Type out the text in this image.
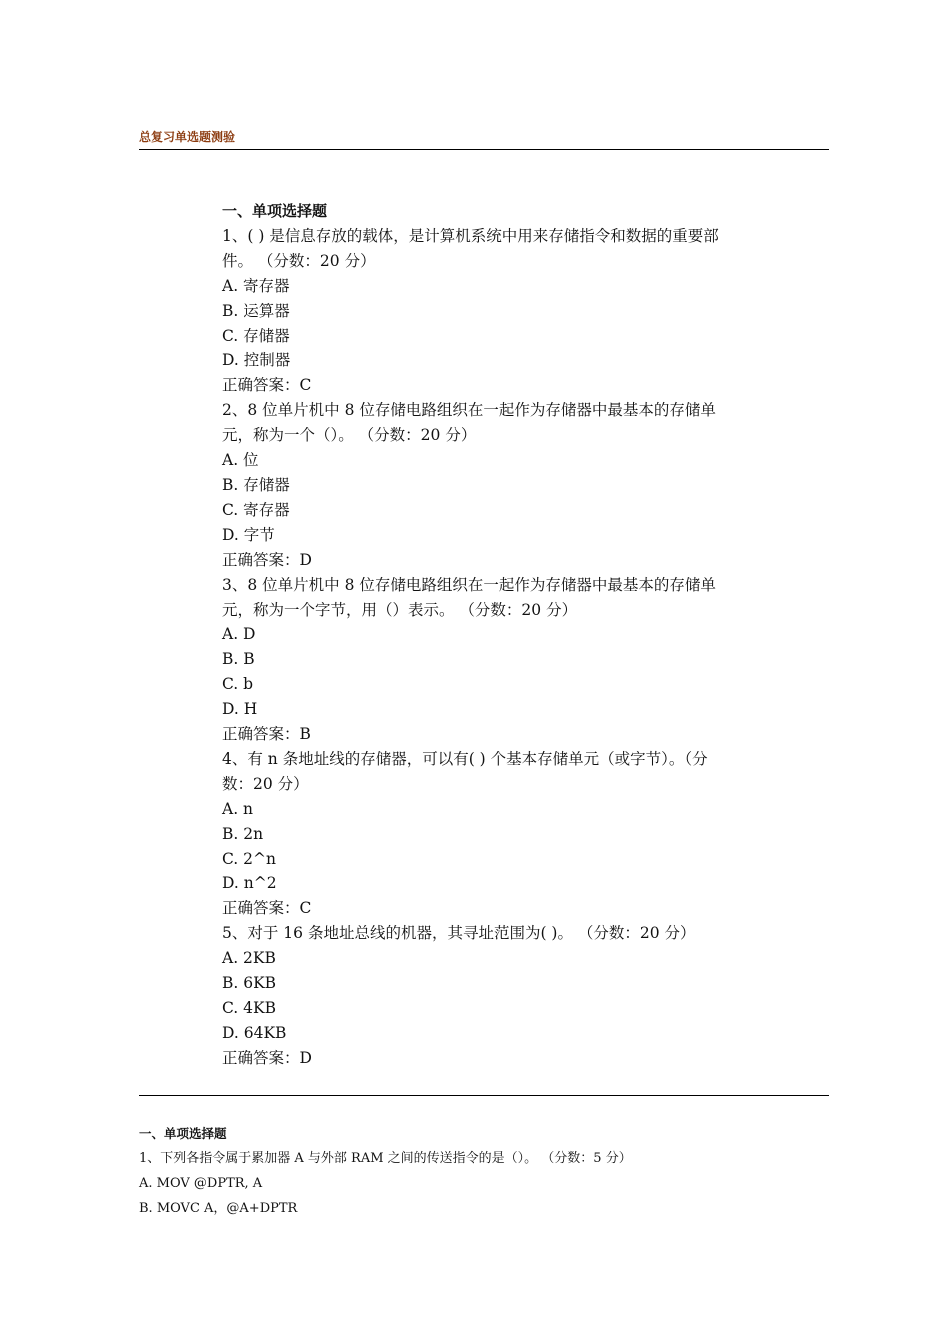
总复习单选题测验
一、单项选择题
1、( ) 是信息存放的载体，是计算机系统中用来存储指令和数据的重要部件。 （分数：20 分）
A. 寄存器
B. 运算器
C. 存储器
D. 控制器
正确答案：C
2、8 位单片机中 8 位存储电路组织在一起作为存储器中最基本的存储单元，称为一个（）。 （分数：20 分）
A. 位
B. 存储器
C. 寄存器
D. 字节
正确答案：D
3、8 位单片机中 8 位存储电路组织在一起作为存储器中最基本的存储单元，称为一个字节，用（）表示。 （分数：20 分）
A. D
B. B
C. b
D. H
正确答案：B
4、有 n 条地址线的存储器，可以有( ) 个基本存储单元（或字节）。（分数：20 分）
A. n
B. 2n
C. 2^n
D. n^2
正确答案：C
5、对于 16 条地址总线的机器，其寻址范围为( )。 （分数：20 分）
A. 2KB
B. 6KB
C. 4KB
D. 64KB
正确答案：D
一、单项选择题
1、下列各指令属于累加器 A 与外部 RAM 之间的传送指令的是（）。 （分数：5 分）
A. MOV @DPTR, A
B. MOVC A，@A+DPTR
